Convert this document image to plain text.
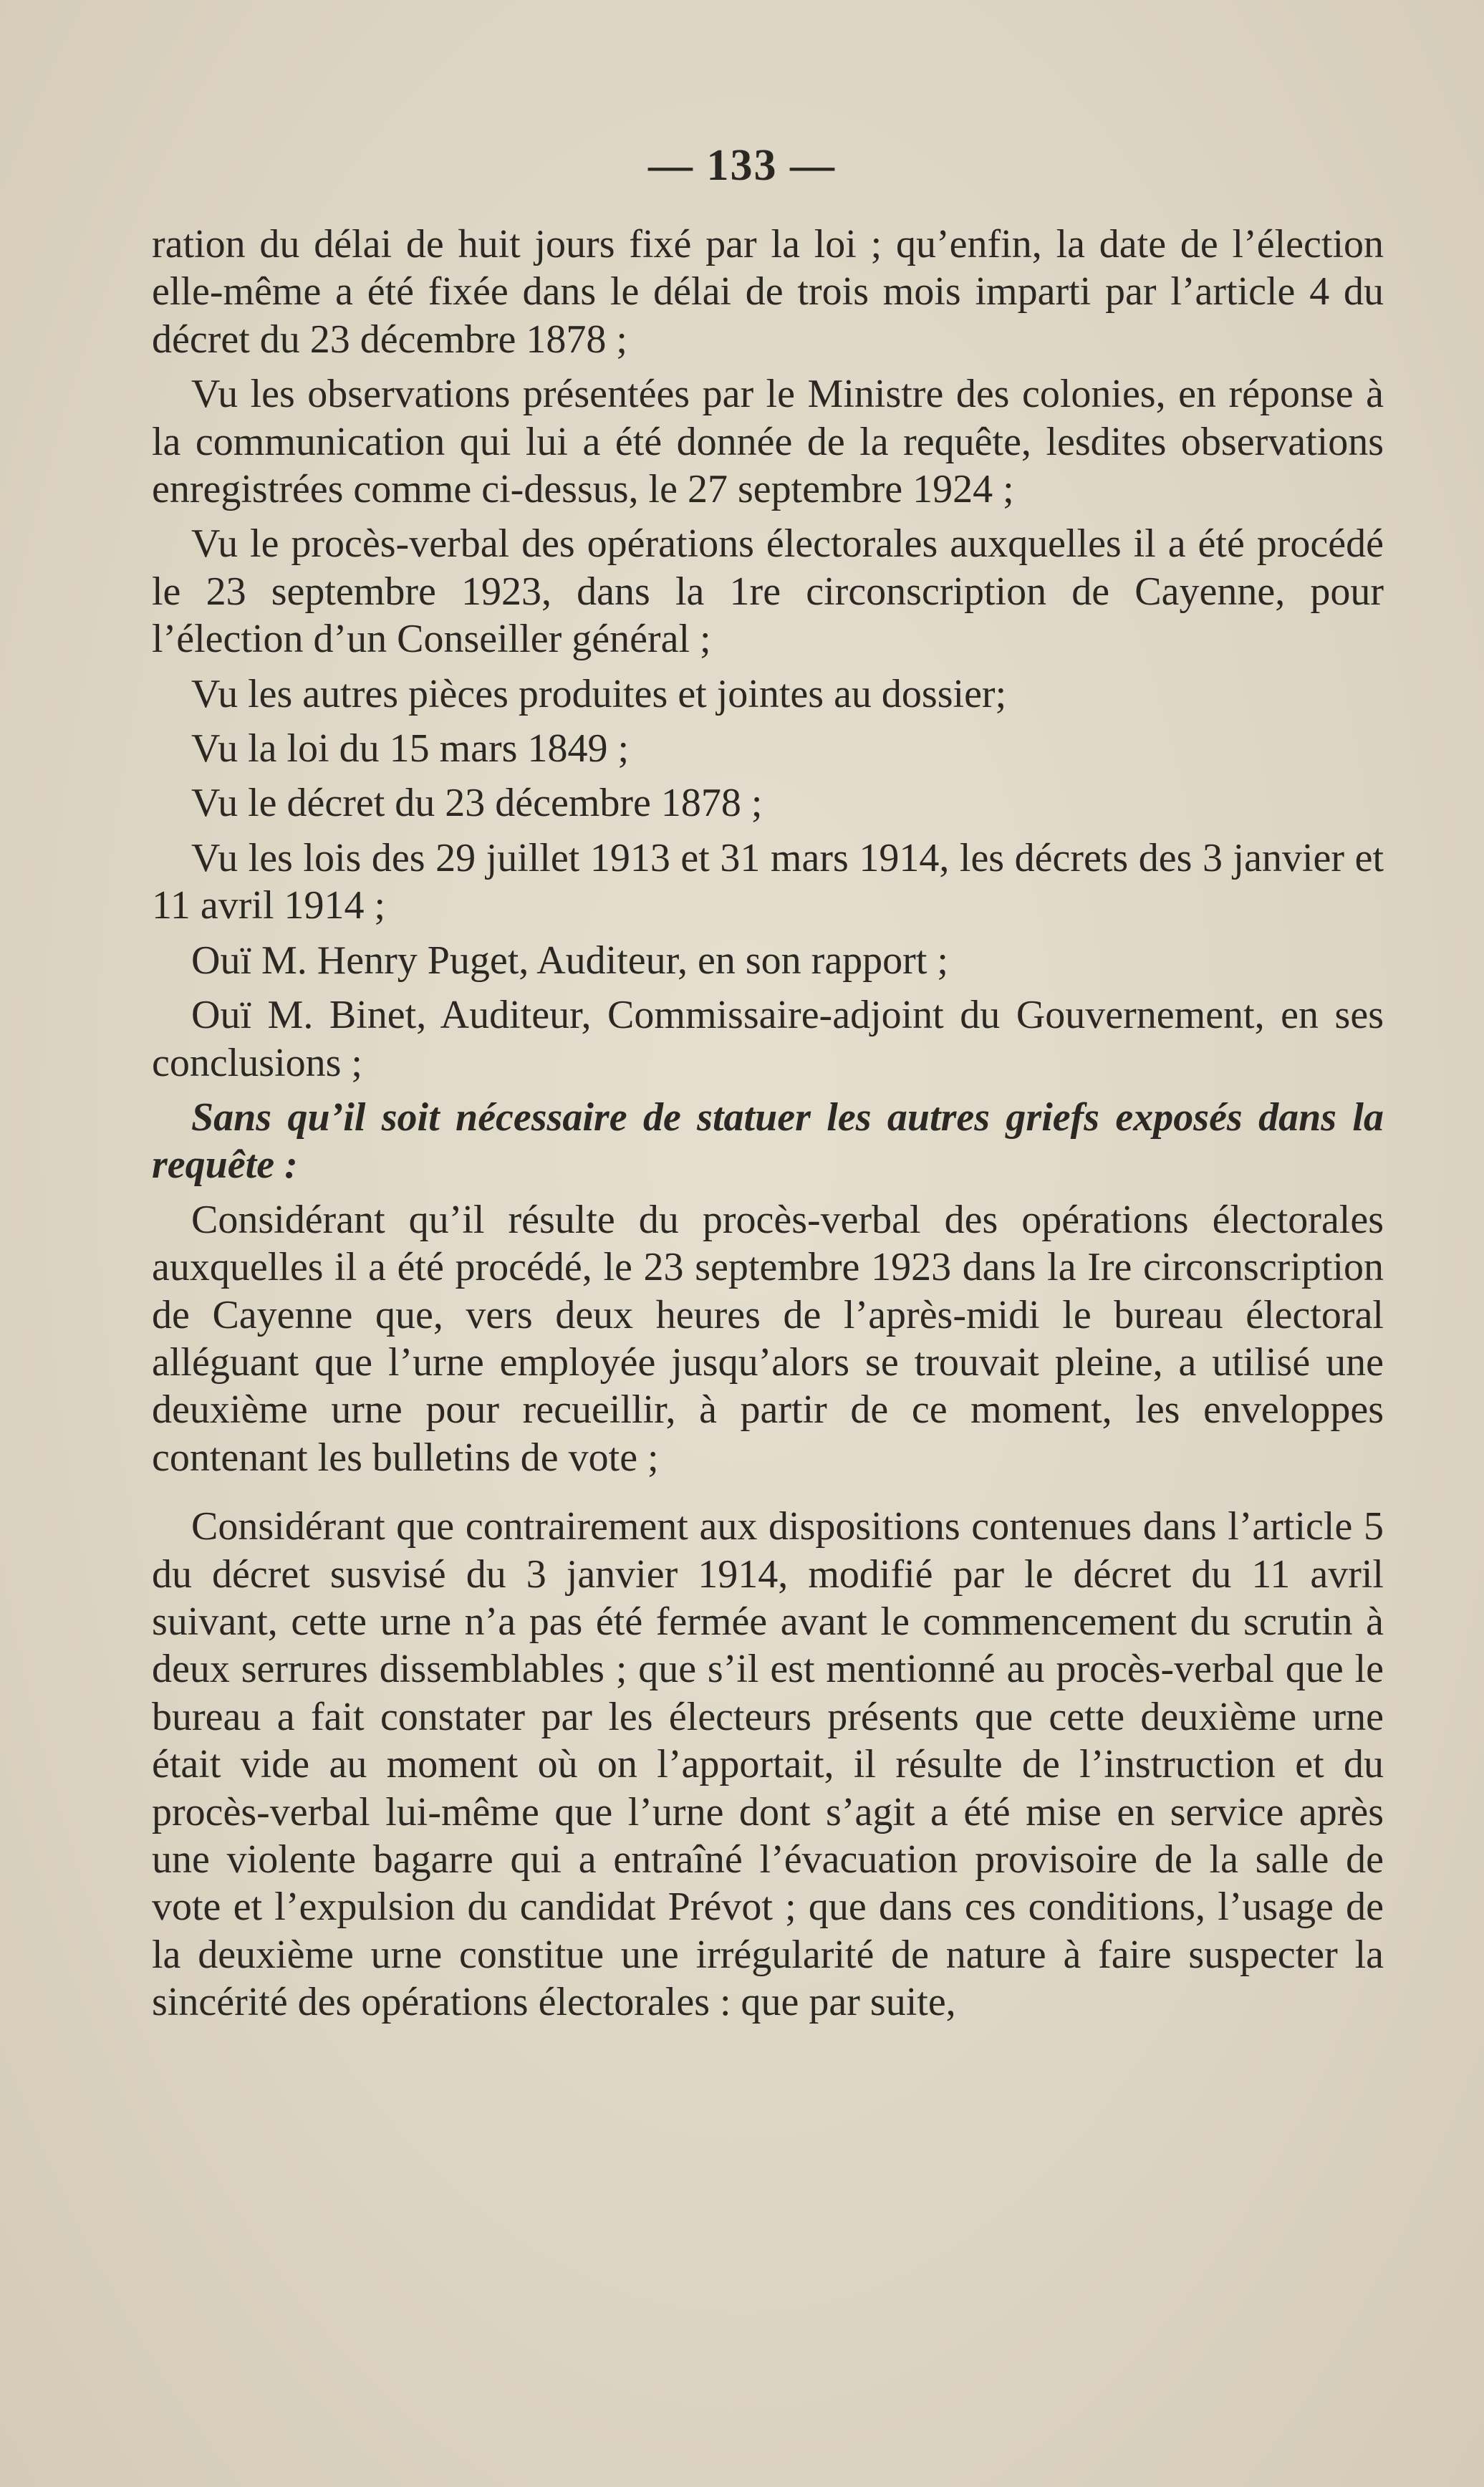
— 133 —

ration du délai de huit jours fixé par la loi ; qu’enfin, la date de l’élection elle-même a été fixée dans le délai de trois mois imparti par l’article 4 du décret du 23 décembre 1878 ;

Vu les observations présentées par le Ministre des colonies, en réponse à la communication qui lui a été donnée de la requête, lesdites observations enregistrées comme ci-dessus, le 27 septembre 1924 ;

Vu le procès-verbal des opérations électorales auxquelles il a été procédé le 23 septembre 1923, dans la 1re circonscription de Cayenne, pour l’élection d’un Conseiller général ;

Vu les autres pièces produites et jointes au dossier;

Vu la loi du 15 mars 1849 ;

Vu le décret du 23 décembre 1878 ;

Vu les lois des 29 juillet 1913 et 31 mars 1914, les décrets des 3 janvier et 11 avril 1914 ;

Ouï M. Henry Puget, Auditeur, en son rapport ;

Ouï M. Binet, Auditeur, Commissaire-adjoint du Gouvernement, en ses conclusions ;

Sans qu’il soit nécessaire de statuer les autres griefs exposés dans la requête :

Considérant qu’il résulte du procès-verbal des opérations électorales auxquelles il a été procédé, le 23 septembre 1923 dans la Ire circonscription de Cayenne que, vers deux heures de l’après-midi le bureau électoral alléguant que l’urne employée jusqu’alors se trouvait pleine, a utilisé une deuxième urne pour recueillir, à partir de ce moment, les enveloppes contenant les bulletins de vote ;

Considérant que contrairement aux dispositions contenues dans l’article 5 du décret susvisé du 3 janvier 1914, modifié par le décret du 11 avril suivant, cette urne n’a pas été fermée avant le commencement du scrutin à deux serrures dissemblables ; que s’il est mentionné au procès-verbal que le bureau a fait constater par les électeurs présents que cette deuxième urne était vide au moment où on l’apportait, il résulte de l’instruction et du procès-verbal lui-même que l’urne dont s’agit a été mise en service après une violente bagarre qui a entraîné l’évacuation provisoire de la salle de vote et l’expulsion du candidat Prévot ; que dans ces conditions, l’usage de la deuxième urne constitue une irrégularité de nature à faire suspecter la sincérité des opérations électorales : que par suite,
